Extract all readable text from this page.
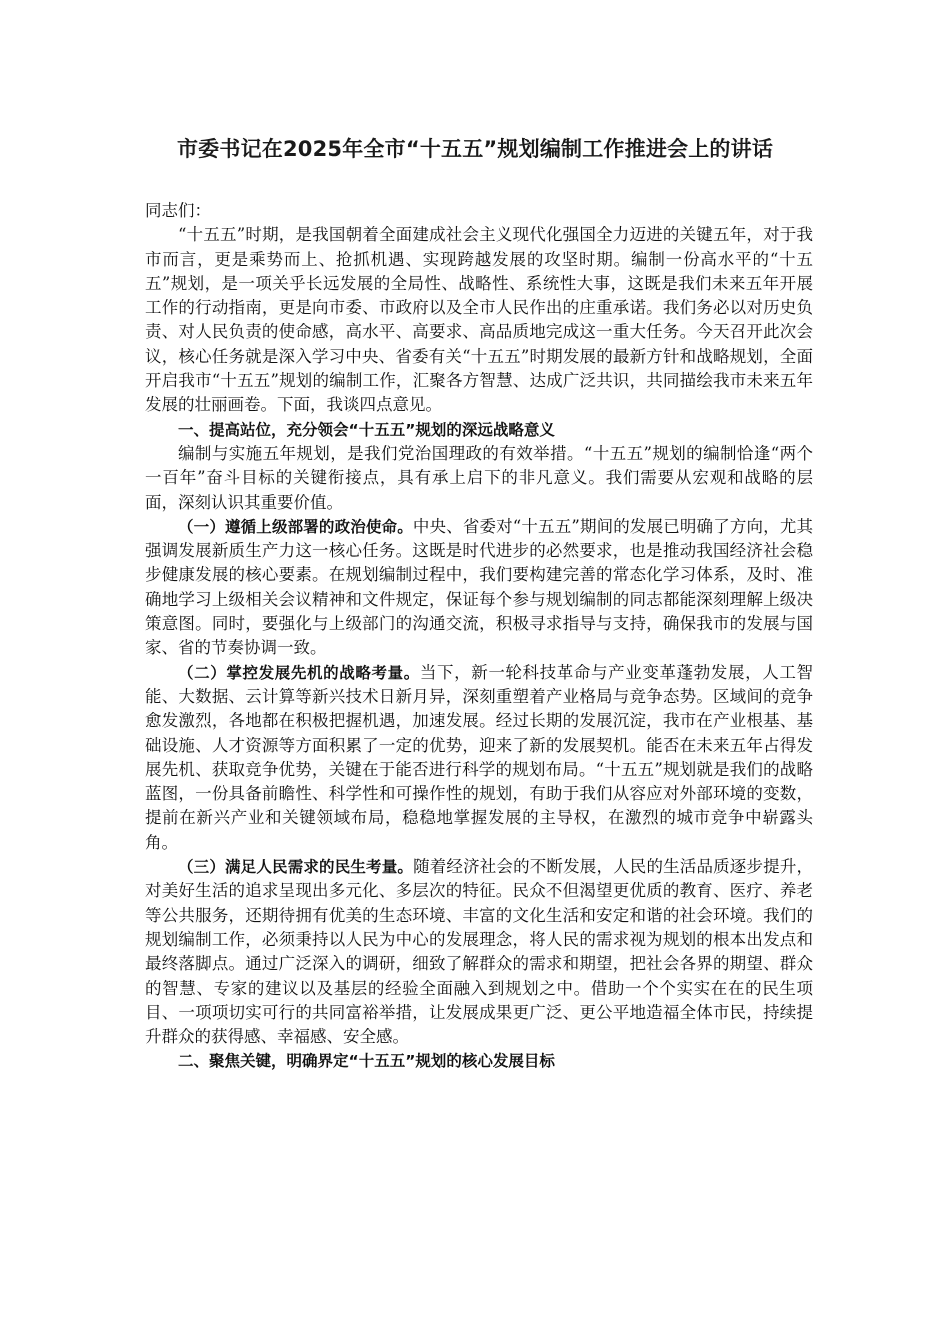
市委书记在2025年全市“十五五”规划编制工作推进会上的讲话

同志们：

“十五五”时期，是我国朝着全面建成社会主义现代化强国全力迈进的关键五年，对于我市而言，更是乘势而上、抢抓机遇、实现跨越发展的攻坚时期。编制一份高水平的“十五五”规划，是一项关乎长远发展的全局性、战略性、系统性大事，这既是我们未来五年开展工作的行动指南，更是向市委、市政府以及全市人民作出的庄重承诺。我们务必以对历史负责、对人民负责的使命感，高水平、高要求、高品质地完成这一重大任务。今天召开此次会议，核心任务就是深入学习中央、省委有关“十五五”时期发展的最新方针和战略规划，全面开启我市“十五五”规划的编制工作，汇聚各方智慧、达成广泛共识，共同描绘我市未来五年发展的壮丽画卷。下面，我谈四点意见。

一、提高站位，充分领会“十五五”规划的深远战略意义

编制与实施五年规划，是我们党治国理政的有效举措。“十五五”规划的编制恰逢“两个一百年”奋斗目标的关键衔接点，具有承上启下的非凡意义。我们需要从宏观和战略的层面，深刻认识其重要价值。

（一）遵循上级部署的政治使命。中央、省委对“十五五”期间的发展已明确了方向，尤其强调发展新质生产力这一核心任务。这既是时代进步的必然要求，也是推动我国经济社会稳步健康发展的核心要素。在规划编制过程中，我们要构建完善的常态化学习体系，及时、准确地学习上级相关会议精神和文件规定，保证每个参与规划编制的同志都能深刻理解上级决策意图。同时，要强化与上级部门的沟通交流，积极寻求指导与支持，确保我市的发展与国家、省的节奏协调一致。

（二）掌控发展先机的战略考量。当下，新一轮科技革命与产业变革蓬勃发展，人工智能、大数据、云计算等新兴技术日新月异，深刻重塑着产业格局与竞争态势。区域间的竞争愈发激烈，各地都在积极把握机遇，加速发展。经过长期的发展沉淀，我市在产业根基、基础设施、人才资源等方面积累了一定的优势，迎来了新的发展契机。能否在未来五年占得发展先机、获取竞争优势，关键在于能否进行科学的规划布局。“十五五”规划就是我们的战略蓝图，一份具备前瞻性、科学性和可操作性的规划，有助于我们从容应对外部环境的变数，提前在新兴产业和关键领域布局，稳稳地掌握发展的主导权，在激烈的城市竞争中崭露头角。

（三）满足人民需求的民生考量。随着经济社会的不断发展，人民的生活品质逐步提升，对美好生活的追求呈现出多元化、多层次的特征。民众不但渴望更优质的教育、医疗、养老等公共服务，还期待拥有优美的生态环境、丰富的文化生活和安定和谐的社会环境。我们的规划编制工作，必须秉持以人民为中心的发展理念，将人民的需求视为规划的根本出发点和最终落脚点。通过广泛深入的调研，细致了解群众的需求和期望，把社会各界的期望、群众的智慧、专家的建议以及基层的经验全面融入到规划之中。借助一个个实实在在的民生项目、一项项切实可行的共同富裕举措，让发展成果更广泛、更公平地造福全体市民，持续提升群众的获得感、幸福感、安全感。

二、聚焦关键，明确界定“十五五”规划的核心发展目标
